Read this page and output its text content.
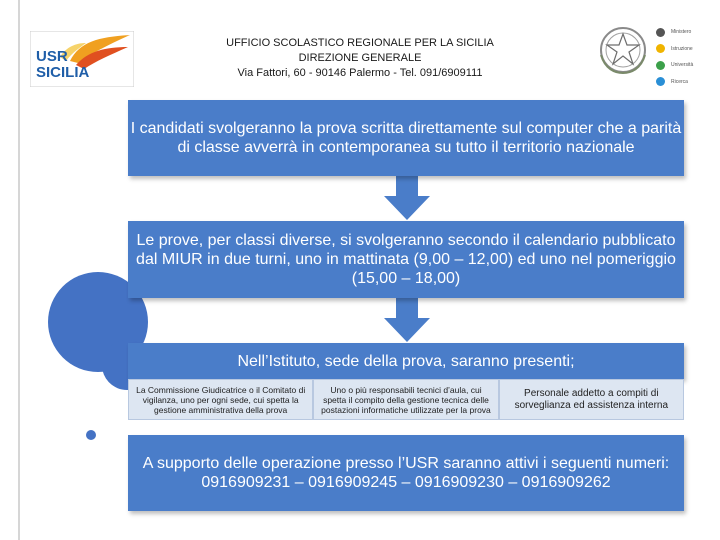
USR
SICILIA
UFFICIO SCOLASTICO REGIONALE PER LA SICILIA
DIREZIONE GENERALE
Via Fattori, 60 - 90146 Palermo - Tel. 091/6909111
Ministero
Istruzione
Università
Ricerca
I candidati svolgeranno la prova scritta direttamente sul computer che a parità di classe avverrà in contemporanea su tutto il territorio nazionale
Le prove, per classi diverse, si svolgeranno secondo il calendario pubblicato dal MIUR in due turni, uno in mattinata (9,00 – 12,00) ed uno nel pomeriggio (15,00 – 18,00)
Nell’Istituto, sede della prova, saranno presenti;
La Commissione Giudicatrice o il Comitato di vigilanza, uno per ogni sede, cui spetta la gestione amministrativa della prova
Uno o più responsabili tecnici d’aula, cui spetta il compito della gestione tecnica delle postazioni informatiche utilizzate per la prova
Personale addetto a compiti di sorveglianza ed assistenza interna
A supporto delle operazione presso l’USR saranno attivi i seguenti numeri: 0916909231 – 0916909245 – 0916909230 – 0916909262
